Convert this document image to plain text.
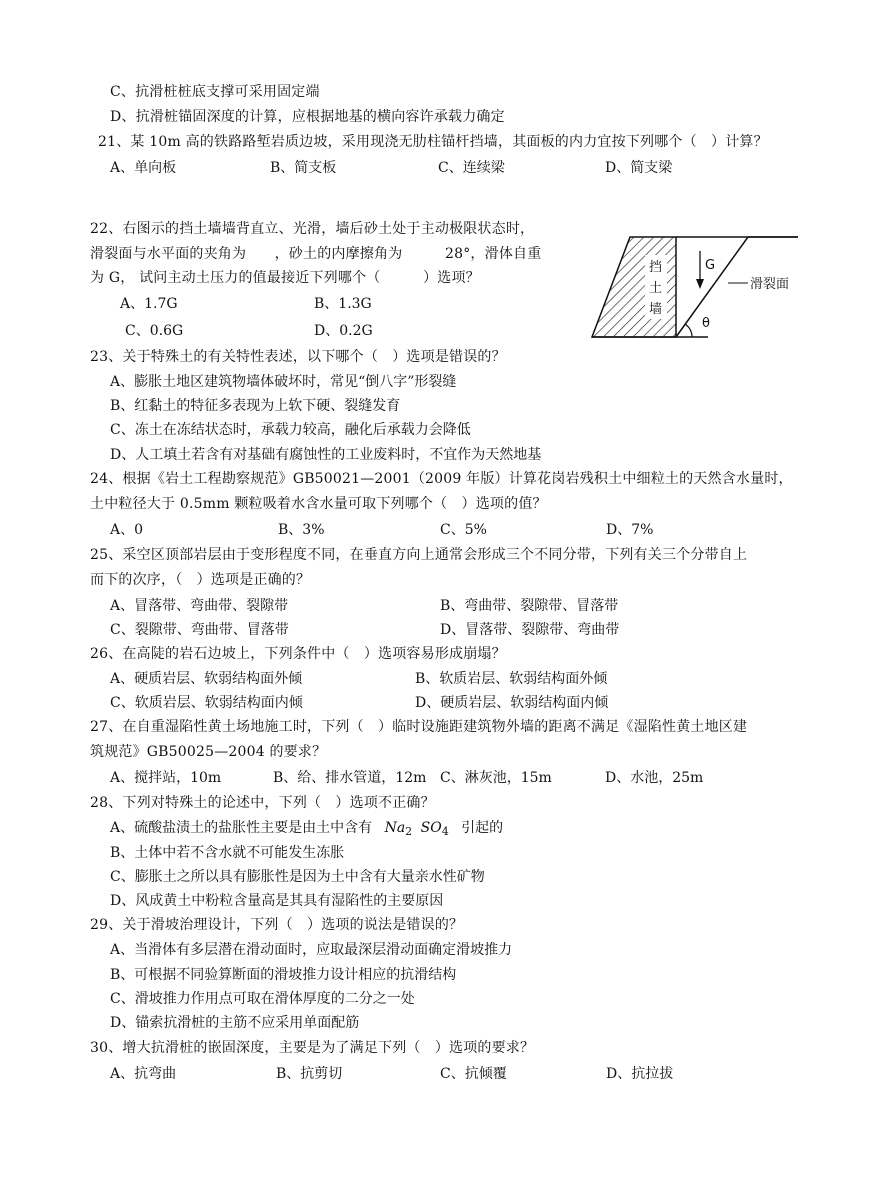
C、抗滑桩桩底支撑可采用固定端
D、抗滑桩锚固深度的计算，应根据地基的横向容许承载力确定
21、某 10m 高的铁路路堑岩质边坡，采用现浇无肋柱锚杆挡墙，其面板的内力宜按下列哪个（　）计算？
A、单向板	B、简支板	C、连续梁	D、简支梁
22、右图示的挡土墙墙背直立、光滑，墙后砂土处于主动极限状态时，
滑裂面与水平面的夹角为　　，砂土的内摩擦角为　　　28°，滑体自重
为 G， 试问主动土压力的值最接近下列哪个（　　　）选项？
A、1.7G	B、1.3G
C、0.6G	D、0.2G
挡
土
墙
G
滑裂面
θ
23、关于特殊土的有关特性表述，以下哪个（　）选项是错误的？
A、膨胀土地区建筑物墙体破坏时，常见“倒八字”形裂缝
B、红黏土的特征多表现为上软下硬、裂缝发育
C、冻土在冻结状态时，承载力较高，融化后承载力会降低
D、人工填土若含有对基础有腐蚀性的工业废料时，不宜作为天然地基
24、根据《岩土工程勘察规范》GB50021—2001（2009 年版）计算花岗岩残积土中细粒土的天然含水量时，
土中粒径大于 0.5mm 颗粒吸着水含水量可取下列哪个（　）选项的值？
A、0	B、3%	C、5%	D、7%
25、采空区顶部岩层由于变形程度不同，在垂直方向上通常会形成三个不同分带，下列有关三个分带自上
而下的次序，（　）选项是正确的？
A、冒落带、弯曲带、裂隙带	B、弯曲带、裂隙带、冒落带
C、裂隙带、弯曲带、冒落带	D、冒落带、裂隙带、弯曲带
26、在高陡的岩石边坡上，下列条件中（　）选项容易形成崩塌？
A、硬质岩层、软弱结构面外倾	B、软质岩层、软弱结构面外倾
C、软质岩层、软弱结构面内倾	D、硬质岩层、软弱结构面内倾
27、在自重湿陷性黄土场地施工时，下列（　）临时设施距建筑物外墙的距离不满足《湿陷性黄土地区建
筑规范》GB50025—2004 的要求？
A、搅拌站，10m	B、给、排水管道，12m C、淋灰池，15m	D、水池，25m
28、下列对特殊土的论述中，下列（　）选项不正确？
A、硫酸盐渍土的盐胀性主要是由土中含有 $Na_2$ $SO_4$ 引起的
B、土体中若不含水就不可能发生冻胀
C、膨胀土之所以具有膨胀性是因为土中含有大量亲水性矿物
D、风成黄土中粉粒含量高是其具有湿陷性的主要原因
29、关于滑坡治理设计，下列（　）选项的说法是错误的？
A、当滑体有多层潜在滑动面时，应取最深层滑动面确定滑坡推力
B、可根据不同验算断面的滑坡推力设计相应的抗滑结构
C、滑坡推力作用点可取在滑体厚度的二分之一处
D、锚索抗滑桩的主筋不应采用单面配筋
30、增大抗滑桩的嵌固深度，主要是为了满足下列（　）选项的要求？
A、抗弯曲	B、抗剪切	C、抗倾覆	D、抗拉拔
